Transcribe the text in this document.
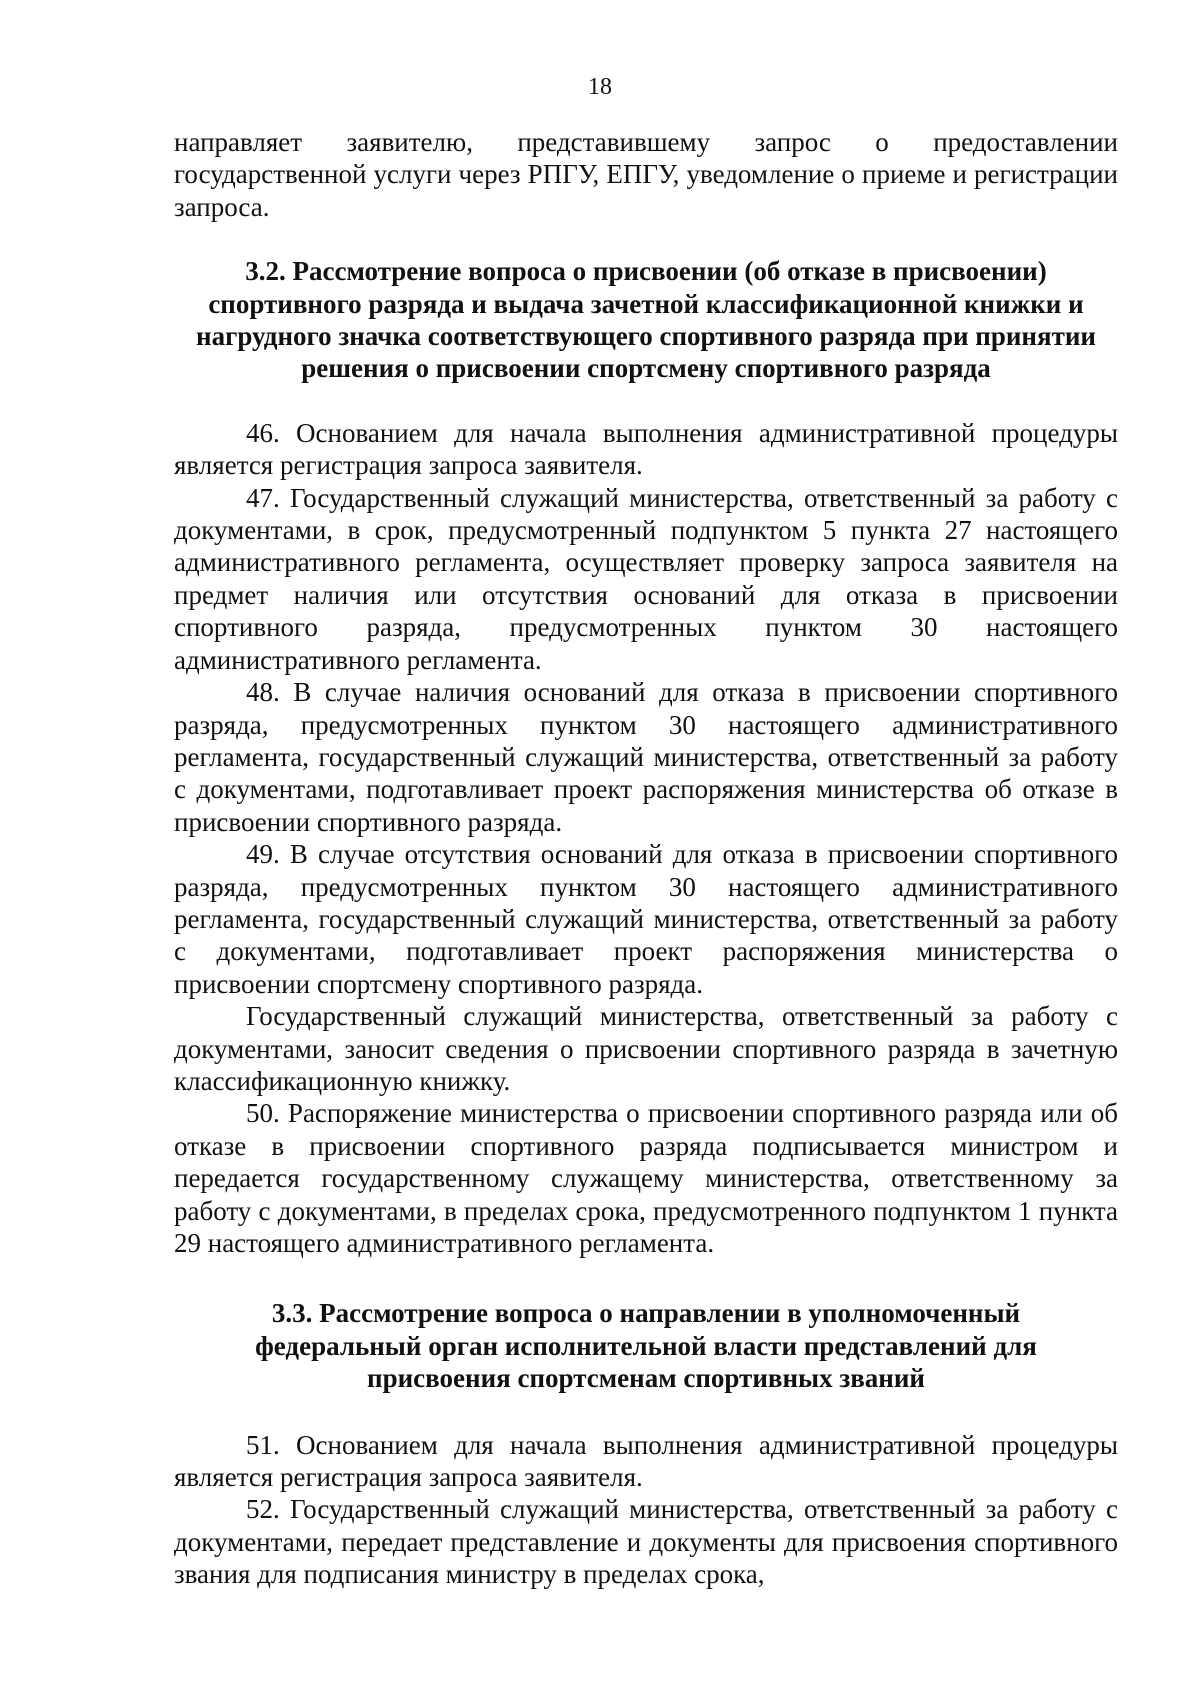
18

направляет заявителю, представившему запрос о предоставлении государственной услуги через РПГУ, ЕПГУ, уведомление о приеме и регистрации запроса.

3.2. Рассмотрение вопроса о присвоении (об отказе в присвоении) спортивного разряда и выдача зачетной классификационной книжки и нагрудного значка соответствующего спортивного разряда при принятии решения о присвоении спортсмену спортивного разряда

46. Основанием для начала выполнения административной процедуры является регистрация запроса заявителя.

47. Государственный служащий министерства, ответственный за работу с документами, в срок, предусмотренный подпунктом 5 пункта 27 настоящего административного регламента, осуществляет проверку запроса заявителя на предмет наличия или отсутствия оснований для отказа в присвоении спортивного разряда, предусмотренных пунктом 30 настоящего административного регламента.

48. В случае наличия оснований для отказа в присвоении спортивного разряда, предусмотренных пунктом 30 настоящего административного регламента, государственный служащий министерства, ответственный за работу с документами, подготавливает проект распоряжения министерства об отказе в присвоении спортивного разряда.

49. В случае отсутствия оснований для отказа в присвоении спортивного разряда, предусмотренных пунктом 30 настоящего административного регламента, государственный служащий министерства, ответственный за работу с документами, подготавливает проект распоряжения министерства о присвоении спортсмену спортивного разряда.

Государственный служащий министерства, ответственный за работу с документами, заносит сведения о присвоении спортивного разряда в зачетную классификационную книжку.

50. Распоряжение министерства о присвоении спортивного разряда или об отказе в присвоении спортивного разряда подписывается министром и передается государственному служащему министерства, ответственному за работу с документами, в пределах срока, предусмотренного подпунктом 1 пункта 29 настоящего административного регламента.

3.3. Рассмотрение вопроса о направлении в уполномоченный федеральный орган исполнительной власти представлений для присвоения спортсменам спортивных званий

51. Основанием для начала выполнения административной процедуры является регистрация запроса заявителя.

52. Государственный служащий министерства, ответственный за работу с документами, передает представление и документы для присвоения спортивного звания для подписания министру в пределах срока,
